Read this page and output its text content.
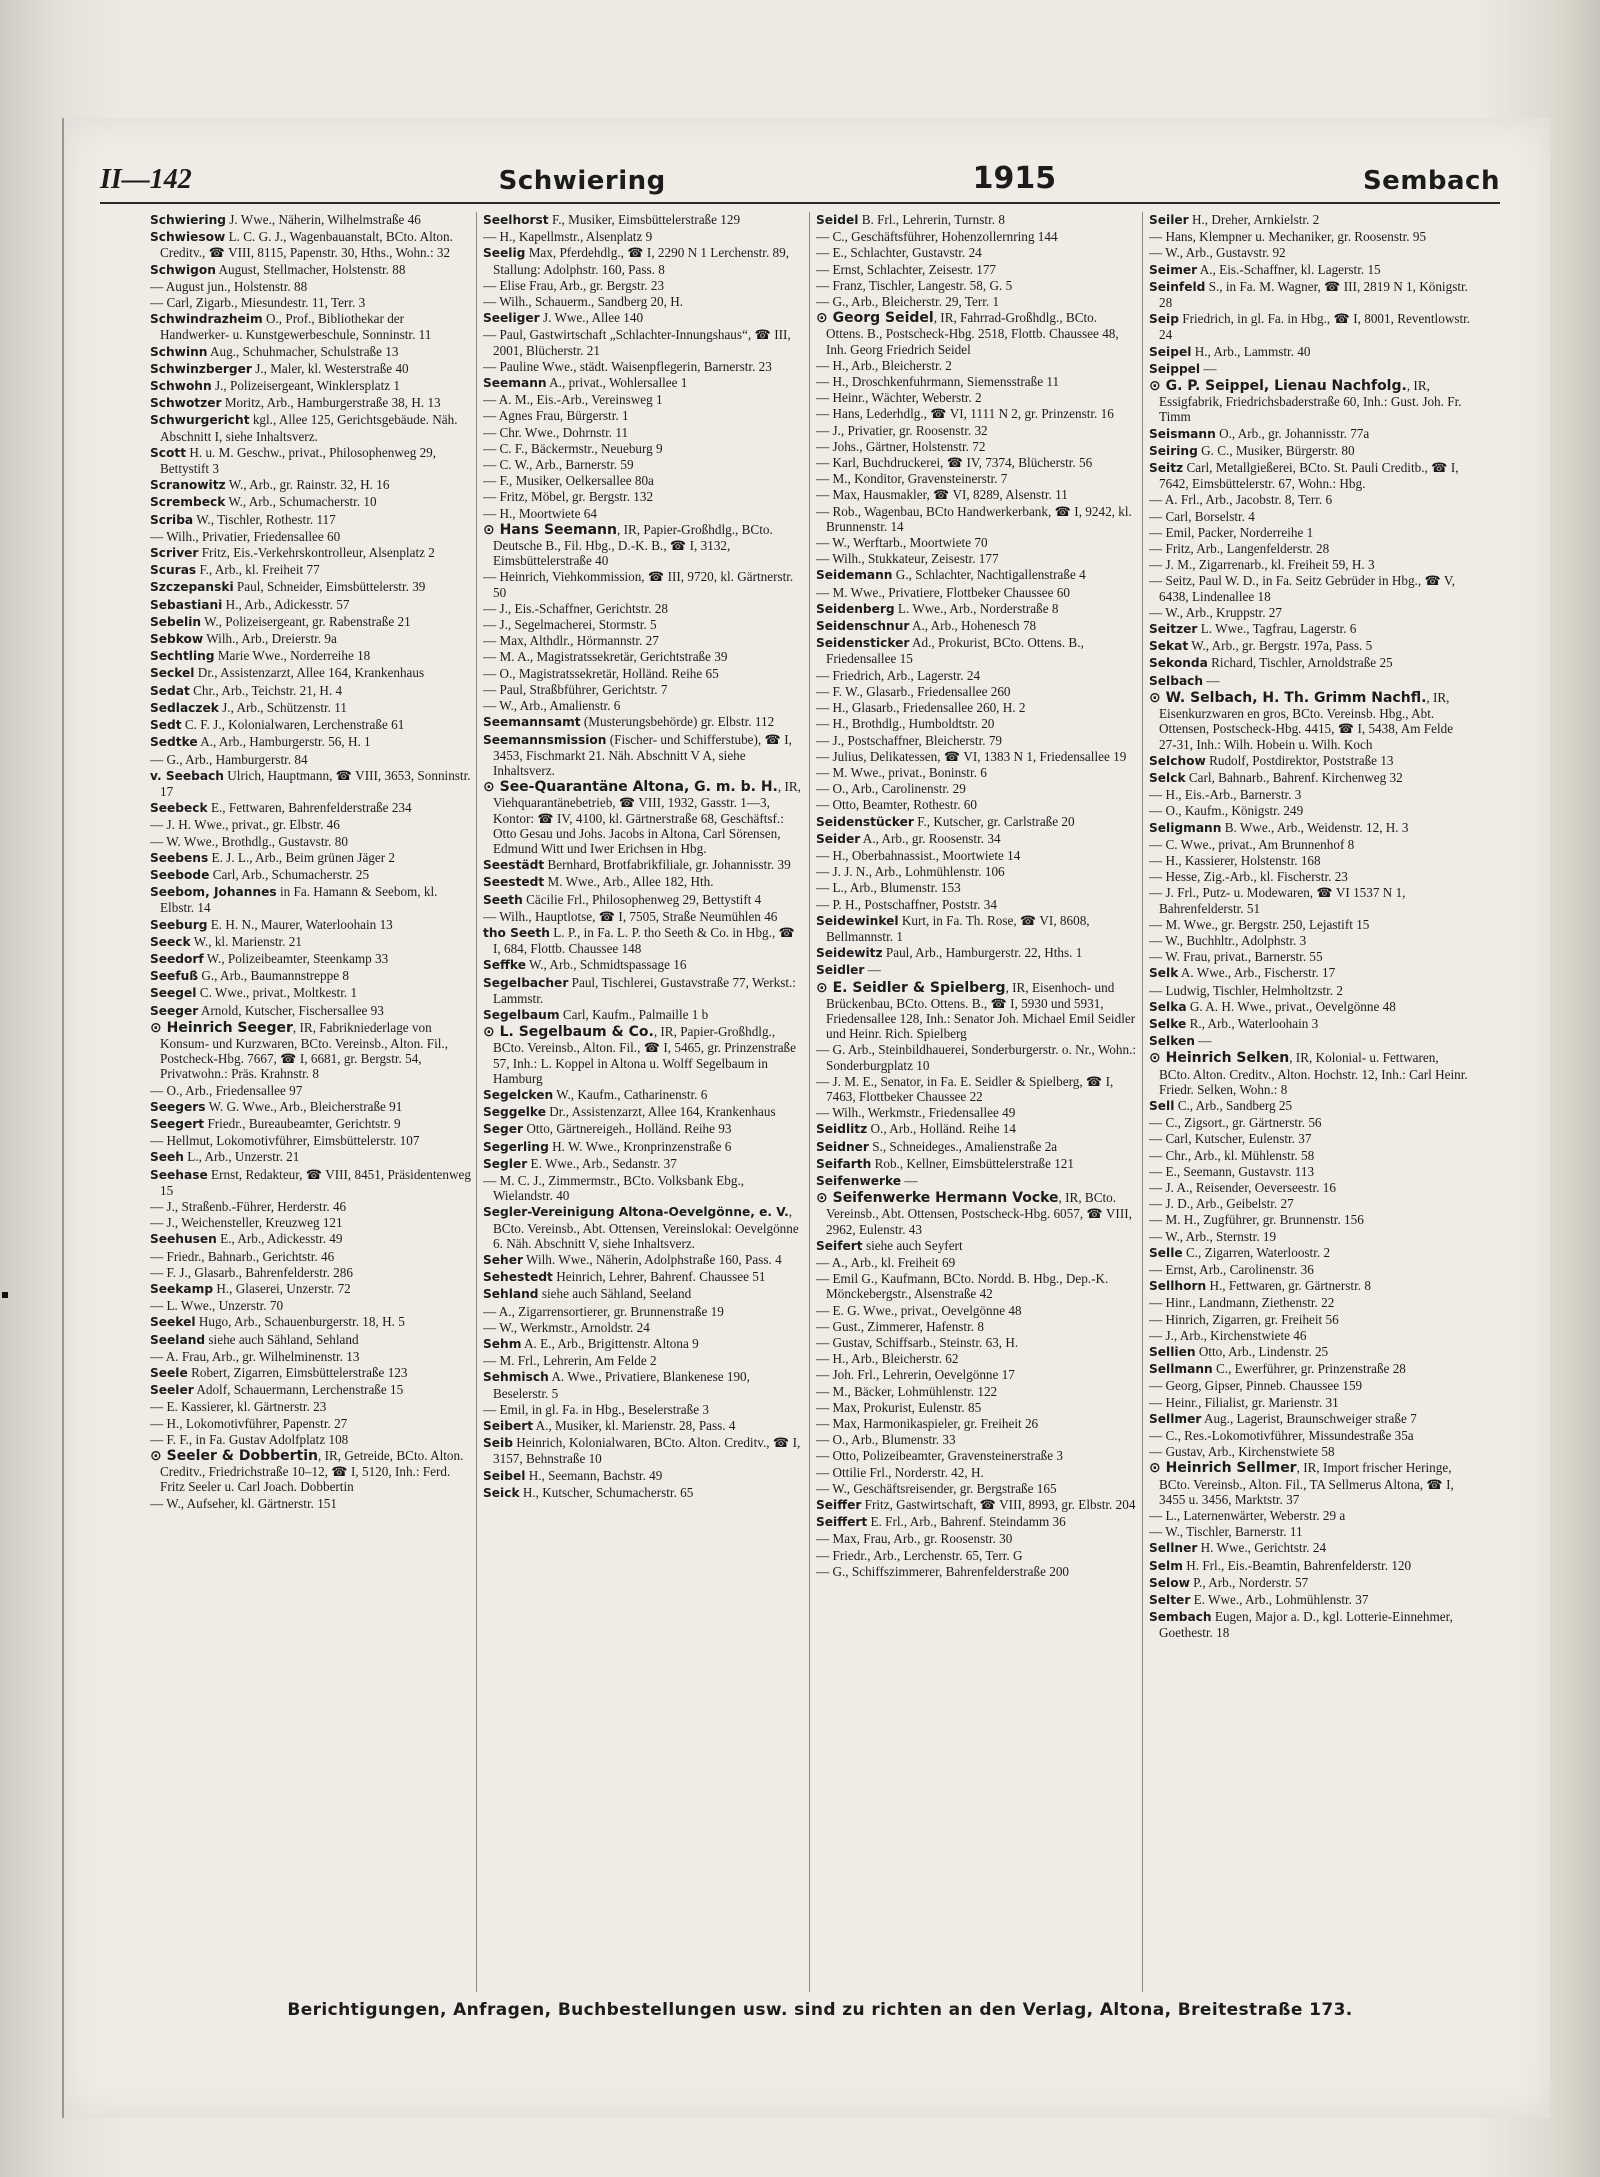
II—142	Schwiering	1915	Sembach
Schwiering J. Wwe., Näherin, Wilhelmstraße 46
Schwiesow L. C. G. J., Wagenbauanstalt, BCto. Alton. Creditv., ☎ VIII, 8115, Papenstr. 30, Hths., Wohn.: 32
Schwigon August, Stellmacher, Holstenstr. 88
— August jun., Holstenstr. 88
— Carl, Zigarb., Miesundestr. 11, Terr. 3
Schwindrazheim O., Prof., Bibliothekar der Handwerker- u. Kunstgewerbeschule, Sonninstr. 11
Schwinn Aug., Schuhmacher, Schulstraße 13
Schwinzberger J., Maler, kl. Westerstraße 40
Schwohn J., Polizeisergeant, Winklersplatz 1
Schwotzer Moritz, Arb., Hamburgerstraße 38, H. 13
Schwurgericht kgl., Allee 125, Gerichtsgebäude. Näh. Abschnitt I, siehe Inhaltsverz.
Scott H. u. M. Geschw., privat., Philosophenweg 29, Bettystift 3
Scranowitz W., Arb., gr. Rainstr. 32, H. 16
Scrembeck W., Arb., Schumacherstr. 10
Scriba W., Tischler, Rothestr. 117
— Wilh., Privatier, Friedensallee 60
Scriver Fritz, Eis.-Verkehrskontrolleur, Alsenplatz 2
Scuras F., Arb., kl. Freiheit 77
Szczepanski Paul, Schneider, Eimsbüttelerstr. 39
Sebastiani H., Arb., Adickesstr. 57
Sebelin W., Polizeisergeant, gr. Rabenstraße 21
Sebkow Wilh., Arb., Dreierstr. 9a
Sechtling Marie Wwe., Norderreihe 18
Seckel Dr., Assistenzarzt, Allee 164, Krankenhaus
Sedat Chr., Arb., Teichstr. 21, H. 4
Sedlaczek J., Arb., Schützenstr. 11
Sedt C. F. J., Kolonialwaren, Lerchenstraße 61
Sedtke A., Arb., Hamburgerstr. 56, H. 1
— G., Arb., Hamburgerstr. 84
v. Seebach Ulrich, Hauptmann, ☎ VIII, 3653, Sonninstr. 17
Seebeck E., Fettwaren, Bahrenfelderstraße 234
— J. H. Wwe., privat., gr. Elbstr. 46
— W. Wwe., Brothdlg., Gustavstr. 80
Seebens E. J. L., Arb., Beim grünen Jäger 2
Seebode Carl, Arb., Schumacherstr. 25
Seebom, Johannes in Fa. Hamann & Seebom, kl. Elbstr. 14
Seeburg E. H. N., Maurer, Waterloohain 13
Seeck W., kl. Marienstr. 21
Seedorf W., Polizeibeamter, Steenkamp 33
Seefuß G., Arb., Baumannstreppe 8
Seegel C. Wwe., privat., Moltkestr. 1
Seeger Arnold, Kutscher, Fischersallee 93
⊙ Heinrich Seeger, IR, Fabrikniederlage von Konsum- und Kurzwaren, BCto. Vereinsb., Alton. Fil., Postcheck-Hbg. 7667, ☎ I, 6681, gr. Bergstr. 54, Privatwohn.: Präs. Krahnstr. 8
— O., Arb., Friedensallee 97
Seegers W. G. Wwe., Arb., Bleicherstraße 91
Seegert Friedr., Bureaubeamter, Gerichtstr. 9
— Hellmut, Lokomotivführer, Eimsbüttelerstr. 107
Seeh L., Arb., Unzerstr. 21
Seehase Ernst, Redakteur, ☎ VIII, 8451, Präsidentenweg 15
— J., Straßenb.-Führer, Herderstr. 46
— J., Weichensteller, Kreuzweg 121
Seehusen E., Arb., Adickesstr. 49
— Friedr., Bahnarb., Gerichtstr. 46
— F. J., Glasarb., Bahrenfelderstr. 286
Seekamp H., Glaserei, Unzerstr. 72
— L. Wwe., Unzerstr. 70
Seekel Hugo, Arb., Schauenburgerstr. 18, H. 5
Seeland siehe auch Sähland, Sehland
— A. Frau, Arb., gr. Wilhelminenstr. 13
Seele Robert, Zigarren, Eimsbüttelerstraße 123
Seeler Adolf, Schauermann, Lerchenstraße 15
— E. Kassierer, kl. Gärtnerstr. 23
— H., Lokomotivführer, Papenstr. 27
— F. F., in Fa. Gustav Adolfplatz 108
⊙ Seeler & Dobbertin, IR, Getreide, BCto. Alton. Creditv., Friedrichstraße 10–12, ☎ I, 5120, Inh.: Ferd. Fritz Seeler u. Carl Joach. Dobbertin
— W., Aufseher, kl. Gärtnerstr. 151
Seelhorst F., Musiker, Eimsbüttelerstraße 129
— H., Kapellmstr., Alsenplatz 9
Seelig Max, Pferdehdlg., ☎ I, 2290 N 1 Lerchenstr. 89, Stallung: Adolphstr. 160, Pass. 8
— Elise Frau, Arb., gr. Bergstr. 23
— Wilh., Schauerm., Sandberg 20, H.
Seeliger J. Wwe., Allee 140
— Paul, Gastwirtschaft „Schlachter-Innungshaus“, ☎ III, 2001, Blücherstr. 21
— Pauline Wwe., städt. Waisenpflegerin, Barnerstr. 23
Seemann A., privat., Wohlersallee 1
— A. M., Eis.-Arb., Vereinsweg 1
— Agnes Frau, Bürgerstr. 1
— Chr. Wwe., Dohrnstr. 11
— C. F., Bäckermstr., Neueburg 9
— C. W., Arb., Barnerstr. 59
— F., Musiker, Oelkersallee 80a
— Fritz, Möbel, gr. Bergstr. 132
— H., Moortwiete 64
⊙ Hans Seemann, IR, Papier-Großhdlg., BCto. Deutsche B., Fil. Hbg., D.-K. B., ☎ I, 3132, Eimsbüttelerstraße 40
— Heinrich, Viehkommission, ☎ III, 9720, kl. Gärtnerstr. 50
— J., Eis.-Schaffner, Gerichtstr. 28
— J., Segelmacherei, Stormstr. 5
— Max, Althdlr., Hörmannstr. 27
— M. A., Magistratssekretär, Gerichtstraße 39
— O., Magistratssekretär, Holländ. Reihe 65
— Paul, Straßbführer, Gerichtstr. 7
— W., Arb., Amalienstr. 6
Seemannsamt (Musterungsbehörde) gr. Elbstr. 112
Seemannsmission (Fischer- und Schifferstube), ☎ I, 3453, Fischmarkt 21. Näh. Abschnitt V A, siehe Inhaltsverz.
⊙ See-Quarantäne Altona, G. m. b. H., IR, Viehquarantänebetrieb, ☎ VIII, 1932, Gasstr. 1—3, Kontor: ☎ IV, 4100, kl. Gärtnerstraße 68, Geschäftsf.: Otto Gesau und Johs. Jacobs in Altona, Carl Sörensen, Edmund Witt und Iwer Erichsen in Hbg.
Seestädt Bernhard, Brotfabrikfiliale, gr. Johannisstr. 39
Seestedt M. Wwe., Arb., Allee 182, Hth.
Seeth Cäcilie Frl., Philosophenweg 29, Bettystift 4
— Wilh., Hauptlotse, ☎ I, 7505, Straße Neumühlen 46
tho Seeth L. P., in Fa. L. P. tho Seeth & Co. in Hbg., ☎ I, 684, Flottb. Chaussee 148
Seffke W., Arb., Schmidtspassage 16
Segelbacher Paul, Tischlerei, Gustavstraße 77, Werkst.: Lammstr.
Segelbaum Carl, Kaufm., Palmaille 1 b
⊙ L. Segelbaum & Co., IR, Papier-Großhdlg., BCto. Vereinsb., Alton. Fil., ☎ I, 5465, gr. Prinzenstraße 57, Inh.: L. Koppel in Altona u. Wolff Segelbaum in Hamburg
Segelcken W., Kaufm., Catharinenstr. 6
Seggelke Dr., Assistenzarzt, Allee 164, Krankenhaus
Seger Otto, Gärtnereigeh., Holländ. Reihe 93
Segerling H. W. Wwe., Kronprinzenstraße 6
Segler E. Wwe., Arb., Sedanstr. 37
— M. C. J., Zimmermstr., BCto. Volksbank Ebg., Wielandstr. 40
Segler-Vereinigung Altona-Oevelgönne, e. V., BCto. Vereinsb., Abt. Ottensen, Vereinslokal: Oevelgönne 6. Näh. Abschnitt V, siehe Inhaltsverz.
Seher Wilh. Wwe., Näherin, Adolphstraße 160, Pass. 4
Sehestedt Heinrich, Lehrer, Bahrenf. Chaussee 51
Sehland siehe auch Sähland, Seeland
— A., Zigarrensortierer, gr. Brunnenstraße 19
— W., Werkmstr., Arnoldstr. 24
Sehm A. E., Arb., Brigittenstr. Altona 9
— M. Frl., Lehrerin, Am Felde 2
Sehmisch A. Wwe., Privatiere, Blankenese 190, Beselerstr. 5
— Emil, in gl. Fa. in Hbg., Beselerstraße 3
Seibert A., Musiker, kl. Marienstr. 28, Pass. 4
Seib Heinrich, Kolonialwaren, BCto. Alton. Creditv., ☎ I, 3157, Behnstraße 10
Seibel H., Seemann, Bachstr. 49
Seick H., Kutscher, Schumacherstr. 65
Seidel B. Frl., Lehrerin, Turnstr. 8
— C., Geschäftsführer, Hohenzollernring 144
— E., Schlachter, Gustavstr. 24
— Ernst, Schlachter, Zeisestr. 177
— Franz, Tischler, Langestr. 58, G. 5
— G., Arb., Bleicherstr. 29, Terr. 1
⊙ Georg Seidel, IR, Fahrrad-Großhdlg., BCto. Ottens. B., Postscheck-Hbg. 2518, Flottb. Chaussee 48, Inh. Georg Friedrich Seidel
— H., Arb., Bleicherstr. 2
— H., Droschkenfuhrmann, Siemensstraße 11
— Heinr., Wächter, Weberstr. 2
— Hans, Lederhdlg., ☎ VI, 1111 N 2, gr. Prinzenstr. 16
— J., Privatier, gr. Roosenstr. 32
— Johs., Gärtner, Holstenstr. 72
— Karl, Buchdruckerei, ☎ IV, 7374, Blücherstr. 56
— M., Konditor, Gravensteinerstr. 7
— Max, Hausmakler, ☎ VI, 8289, Alsenstr. 11
— Rob., Wagenbau, BCto Handwerkerbank, ☎ I, 9242, kl. Brunnenstr. 14
— W., Werftarb., Moortwiete 70
— Wilh., Stukkateur, Zeisestr. 177
Seidemann G., Schlachter, Nachtigallenstraße 4
— M. Wwe., Privatiere, Flottbeker Chaussee 60
Seidenberg L. Wwe., Arb., Norderstraße 8
Seidenschnur A., Arb., Hohenesch 78
Seidensticker Ad., Prokurist, BCto. Ottens. B., Friedensallee 15
— Friedrich, Arb., Lagerstr. 24
— F. W., Glasarb., Friedensallee 260
— H., Glasarb., Friedensallee 260, H. 2
— H., Brothdlg., Humboldtstr. 20
— J., Postschaffner, Bleicherstr. 79
— Julius, Delikatessen, ☎ VI, 1383 N 1, Friedensallee 19
— M. Wwe., privat., Boninstr. 6
— O., Arb., Carolinenstr. 29
— Otto, Beamter, Rothestr. 60
Seidenstücker F., Kutscher, gr. Carlstraße 20
Seider A., Arb., gr. Roosenstr. 34
— H., Oberbahnassist., Moortwiete 14
— J. J. N., Arb., Lohmühlenstr. 106
— L., Arb., Blumenstr. 153
— P. H., Postschaffner, Poststr. 34
Seidewinkel Kurt, in Fa. Th. Rose, ☎ VI, 8608, Bellmannstr. 1
Seidewitz Paul, Arb., Hamburgerstr. 22, Hths. 1
Seidler —
⊙ E. Seidler & Spielberg, IR, Eisenhoch- und Brückenbau, BCto. Ottens. B., ☎ I, 5930 und 5931, Friedensallee 128, Inh.: Senator Joh. Michael Emil Seidler und Heinr. Rich. Spielberg
— G. Arb., Steinbildhauerei, Sonderburgerstr. o. Nr., Wohn.: Sonderburgplatz 10
— J. M. E., Senator, in Fa. E. Seidler & Spielberg, ☎ I, 7463, Flottbeker Chaussee 22
— Wilh., Werkmstr., Friedensallee 49
Seidlitz O., Arb., Holländ. Reihe 14
Seidner S., Schneideges., Amalienstraße 2a
Seifarth Rob., Kellner, Eimsbüttelerstraße 121
Seifenwerke —
⊙ Seifenwerke Hermann Vocke, IR, BCto. Vereinsb., Abt. Ottensen, Postscheck-Hbg. 6057, ☎ VIII, 2962, Eulenstr. 43
Seifert siehe auch Seyfert
— A., Arb., kl. Freiheit 69
— Emil G., Kaufmann, BCto. Nordd. B. Hbg., Dep.-K. Mönckebergstr., Alsenstraße 42
— E. G. Wwe., privat., Oevelgönne 48
— Gust., Zimmerer, Hafenstr. 8
— Gustav, Schiffsarb., Steinstr. 63, H.
— H., Arb., Bleicherstr. 62
— Joh. Frl., Lehrerin, Oevelgönne 17
— M., Bäcker, Lohmühlenstr. 122
— Max, Prokurist, Eulenstr. 85
— Max, Harmonikaspieler, gr. Freiheit 26
— O., Arb., Blumenstr. 33
— Otto, Polizeibeamter, Gravensteinerstraße 3
— Ottilie Frl., Norderstr. 42, H.
— W., Geschäftsreisender, gr. Bergstraße 165
Seiffer Fritz, Gastwirtschaft, ☎ VIII, 8993, gr. Elbstr. 204
Seiffert E. Frl., Arb., Bahrenf. Steindamm 36
— Max, Frau, Arb., gr. Roosenstr. 30
— Friedr., Arb., Lerchenstr. 65, Terr. G
— G., Schiffszimmerer, Bahrenfelderstraße 200
Seiler H., Dreher, Arnkielstr. 2
— Hans, Klempner u. Mechaniker, gr. Roosenstr. 95
— W., Arb., Gustavstr. 92
Seimer A., Eis.-Schaffner, kl. Lagerstr. 15
Seinfeld S., in Fa. M. Wagner, ☎ III, 2819 N 1, Königstr. 28
Seip Friedrich, in gl. Fa. in Hbg., ☎ I, 8001, Reventlowstr. 24
Seipel H., Arb., Lammstr. 40
Seippel —
⊙ G. P. Seippel, Lienau Nachfolg., IR, Essigfabrik, Friedrichsbaderstraße 60, Inh.: Gust. Joh. Fr. Timm
Seismann O., Arb., gr. Johannisstr. 77a
Seiring G. C., Musiker, Bürgerstr. 80
Seitz Carl, Metallgießerei, BCto. St. Pauli Creditb., ☎ I, 7642, Eimsbüttelerstr. 67, Wohn.: Hbg.
— A. Frl., Arb., Jacobstr. 8, Terr. 6
— Carl, Borselstr. 4
— Emil, Packer, Norderreihe 1
— Fritz, Arb., Langenfelderstr. 28
— J. M., Zigarrenarb., kl. Freiheit 59, H. 3
— Seitz, Paul W. D., in Fa. Seitz Gebrüder in Hbg., ☎ V, 6438, Lindenallee 18
— W., Arb., Kruppstr. 27
Seitzer L. Wwe., Tagfrau, Lagerstr. 6
Sekat W., Arb., gr. Bergstr. 197a, Pass. 5
Sekonda Richard, Tischler, Arnoldstraße 25
Selbach —
⊙ W. Selbach, H. Th. Grimm Nachfl., IR, Eisenkurzwaren en gros, BCto. Vereinsb. Hbg., Abt. Ottensen, Postscheck-Hbg. 4415, ☎ I, 5438, Am Felde 27-31, Inh.: Wilh. Hobein u. Wilh. Koch
Selchow Rudolf, Postdirektor, Poststraße 13
Selck Carl, Bahnarb., Bahrenf. Kirchenweg 32
— H., Eis.-Arb., Barnerstr. 3
— O., Kaufm., Königstr. 249
Seligmann B. Wwe., Arb., Weidenstr. 12, H. 3
— C. Wwe., privat., Am Brunnenhof 8
— H., Kassierer, Holstenstr. 168
— Hesse, Zig.-Arb., kl. Fischerstr. 23
— J. Frl., Putz- u. Modewaren, ☎ VI 1537 N 1, Bahrenfelderstr. 51
— M. Wwe., gr. Bergstr. 250, Lejastift 15
— W., Buchhltr., Adolphstr. 3
— W. Frau, privat., Barnerstr. 55
Selk A. Wwe., Arb., Fischerstr. 17
— Ludwig, Tischler, Helmholtzstr. 2
Selka G. A. H. Wwe., privat., Oevelgönne 48
Selke R., Arb., Waterloohain 3
Selken —
⊙ Heinrich Selken, IR, Kolonial- u. Fettwaren, BCto. Alton. Creditv., Alton. Hochstr. 12, Inh.: Carl Heinr. Friedr. Selken, Wohn.: 8
Sell C., Arb., Sandberg 25
— C., Zigsort., gr. Gärtnerstr. 56
— Carl, Kutscher, Eulenstr. 37
— Chr., Arb., kl. Mühlenstr. 58
— E., Seemann, Gustavstr. 113
— J. A., Reisender, Oeverseestr. 16
— J. D., Arb., Geibelstr. 27
— M. H., Zugführer, gr. Brunnenstr. 156
— W., Arb., Sternstr. 19
Selle C., Zigarren, Waterloostr. 2
— Ernst, Arb., Carolinenstr. 36
Sellhorn H., Fettwaren, gr. Gärtnerstr. 8
— Hinr., Landmann, Ziethenstr. 22
— Hinrich, Zigarren, gr. Freiheit 56
— J., Arb., Kirchenstwiete 46
Sellien Otto, Arb., Lindenstr. 25
Sellmann C., Ewerführer, gr. Prinzenstraße 28
— Georg, Gipser, Pinneb. Chaussee 159
— Heinr., Filialist, gr. Marienstr. 31
Sellmer Aug., Lagerist, Braunschweiger straße 7
— C., Res.-Lokomotivführer, Missundestraße 35a
— Gustav, Arb., Kirchenstwiete 58
⊙ Heinrich Sellmer, IR, Import frischer Heringe, BCto. Vereinsb., Alton. Fil., TA Sellmerus Altona, ☎ I, 3455 u. 3456, Marktstr. 37
— L., Laternenwärter, Weberstr. 29 a
— W., Tischler, Barnerstr. 11
Sellner H. Wwe., Gerichtstr. 24
Selm H. Frl., Eis.-Beamtin, Bahrenfelderstr. 120
Selow P., Arb., Norderstr. 57
Selter E. Wwe., Arb., Lohmühlenstr. 37
Sembach Eugen, Major a. D., kgl. Lotterie-Einnehmer, Goethestr. 18
Berichtigungen, Anfragen, Buchbestellungen usw. sind zu richten an den Verlag, Altona, Breitestraße 173.
